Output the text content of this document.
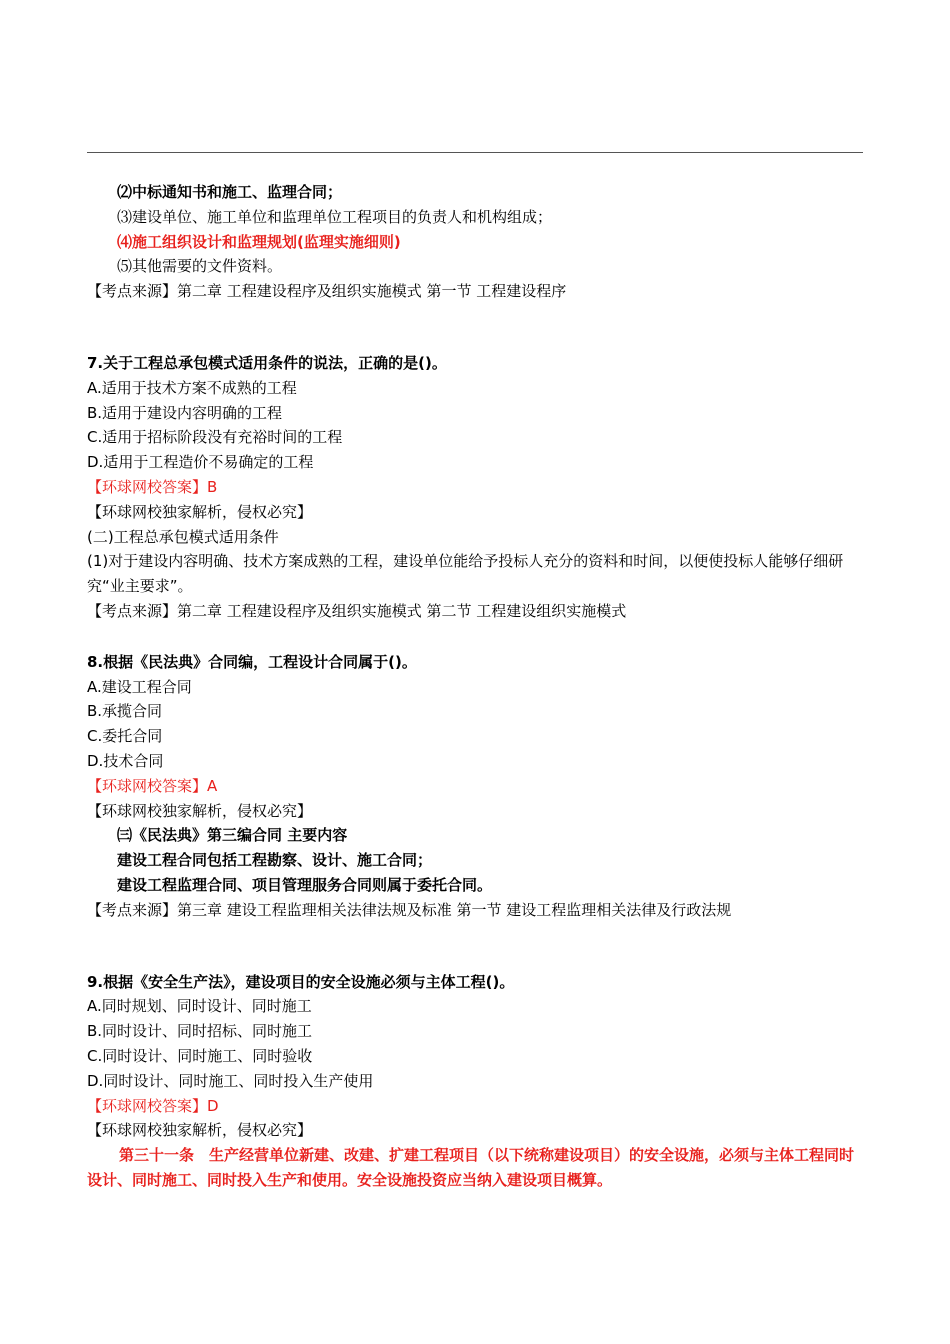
⑵中标通知书和施工、监理合同；
⑶建设单位、施工单位和监理单位工程项目的负责人和机构组成；
⑷施工组织设计和监理规划(监理实施细则)
⑸其他需要的文件资料。
【考点来源】第二章 工程建设程序及组织实施模式 第一节 工程建设程序
7.关于工程总承包模式适用条件的说法，正确的是()。
A.适用于技术方案不成熟的工程
B.适用于建设内容明确的工程
C.适用于招标阶段没有充裕时间的工程
D.适用于工程造价不易确定的工程
【环球网校答案】B
【环球网校独家解析，侵权必究】
(二)工程总承包模式适用条件
(1)对于建设内容明确、技术方案成熟的工程，建设单位能给予投标人充分的资料和时间，以便使投标人能够仔细研究“业主要求”。
【考点来源】第二章 工程建设程序及组织实施模式 第二节 工程建设组织实施模式
8.根据《民法典》合同编，工程设计合同属于()。
A.建设工程合同
B.承揽合同
C.委托合同
D.技术合同
【环球网校答案】A
【环球网校独家解析，侵权必究】
㈢《民法典》第三编合同 主要内容
建设工程合同包括工程勘察、设计、施工合同；
建设工程监理合同、项目管理服务合同则属于委托合同。
【考点来源】第三章 建设工程监理相关法律法规及标准 第一节 建设工程监理相关法律及行政法规
9.根据《安全生产法》，建设项目的安全设施必须与主体工程()。
A.同时规划、同时设计、同时施工
B.同时设计、同时招标、同时施工
C.同时设计、同时施工、同时验收
D.同时设计、同时施工、同时投入生产使用
【环球网校答案】D
【环球网校独家解析，侵权必究】
第三十一条　生产经营单位新建、改建、扩建工程项目（以下统称建设项目）的安全设施，必须与主体工程同时设计、同时施工、同时投入生产和使用。安全设施投资应当纳入建设项目概算。
